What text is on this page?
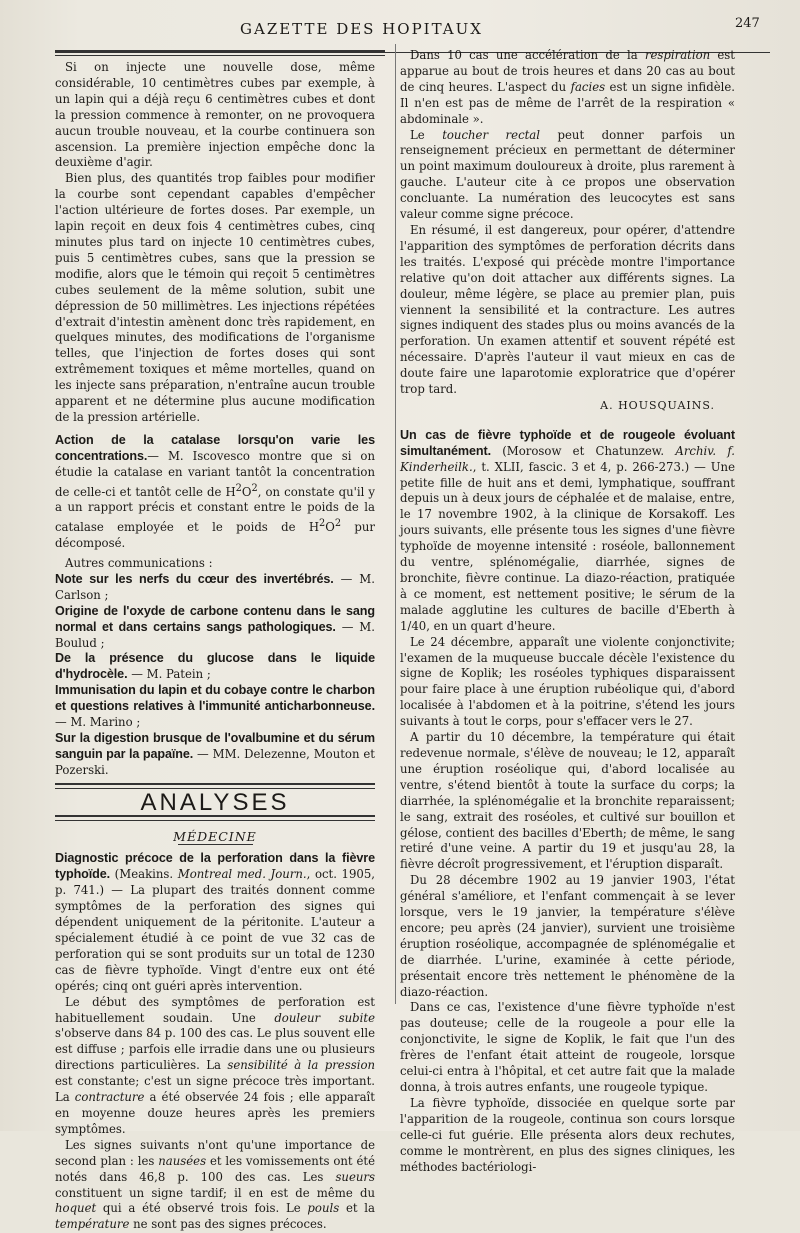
GAZETTE DES HOPITAUX	247

Si on injecte une nouvelle dose, même considérable, 10 centimètres cubes par exemple, à un lapin qui a déjà reçu 6 centimètres cubes et dont la pression commence à remonter, on ne provoquera aucun trouble nouveau, et la courbe continuera son ascension. La première injection empêche donc la deuxième d'agir.

Bien plus, des quantités trop faibles pour modifier la courbe sont cependant capables d'empêcher l'action ultérieure de fortes doses. Par exemple, un lapin reçoit en deux fois 4 centimètres cubes, cinq minutes plus tard on injecte 10 centimètres cubes, puis 5 centimètres cubes, sans que la pression se modifie, alors que le témoin qui reçoit 5 centimètres cubes seulement de la même solution, subit une dépression de 50 millimètres. Les injections répétées d'extrait d'intestin amènent donc très rapidement, en quelques minutes, des modifications de l'organisme telles, que l'injection de fortes doses qui sont extrêmement toxiques et même mortelles, quand on les injecte sans préparation, n'entraîne aucun trouble apparent et ne détermine plus aucune modification de la pression artérielle.

Action de la catalase lorsqu'on varie les concentrations.— M. Iscovesco montre que si on étudie la catalase en variant tantôt la concentration de celle-ci et tantôt celle de $H^2O^2$, on constate qu'il y a un rapport précis et constant entre le poids de la catalase employée et le poids de $H^2O^2$ pur décomposé.

Autres communications :

Note sur les nerfs du cœur des invertébrés. — M. Carlson ;

Origine de l'oxyde de carbone contenu dans le sang normal et dans certains sangs pathologiques. — M. Boulud ;

De la présence du glucose dans le liquide d'hydrocèle. — M. Patein ;

Immunisation du lapin et du cobaye contre le charbon et questions relatives à l'immunité anticharbonneuse. — M. Marino ;

Sur la digestion brusque de l'ovalbumine et du sérum sanguin par la papaïne. — MM. Delezenne, Mouton et Pozerski.

ANALYSES
MÉDECINE

Diagnostic précoce de la perforation dans la fièvre typhoïde. (Meakins. Montreal med. Journ., oct. 1905, p. 741.) — La plupart des traités donnent comme symptômes de la perforation des signes qui dépendent uniquement de la péritonite. L'auteur a spécialement étudié à ce point de vue 32 cas de perforation qui se sont produits sur un total de 1230 cas de fièvre typhoïde. Vingt d'entre eux ont été opérés; cinq ont guéri après intervention.

Le début des symptômes de perforation est habituellement soudain. Une douleur subite s'observe dans 84 p. 100 des cas. Le plus souvent elle est diffuse ; parfois elle irradie dans une ou plusieurs directions particulières. La sensibilité à la pression est constante; c'est un signe précoce très important. La contracture a été observée 24 fois ; elle apparaît en moyenne douze heures après les premiers symptômes.

Les signes suivants n'ont qu'une importance de second plan : les nausées et les vomissements ont été notés dans 46,8 p. 100 des cas. Les sueurs constituent un signe tardif; il en est de même du hoquet qui a été observé trois fois. Le pouls et la température ne sont pas des signes précoces.

Dans 10 cas une accélération de la respiration est apparue au bout de trois heures et dans 20 cas au bout de cinq heures. L'aspect du facies est un signe infidèle. Il n'en est pas de même de l'arrêt de la respiration « abdominale ».

Le toucher rectal peut donner parfois un renseignement précieux en permettant de déterminer un point maximum douloureux à droite, plus rarement à gauche. L'auteur cite à ce propos une observation concluante. La numération des leucocytes est sans valeur comme signe précoce.

En résumé, il est dangereux, pour opérer, d'attendre l'apparition des symptômes de perforation décrits dans les traités. L'exposé qui précède montre l'importance relative qu'on doit attacher aux différents signes. La douleur, même légère, se place au premier plan, puis viennent la sensibilité et la contracture. Les autres signes indiquent des stades plus ou moins avancés de la perforation. Un examen attentif et souvent répété est nécessaire. D'après l'auteur il vaut mieux en cas de doute faire une laparotomie exploratrice que d'opérer trop tard.

A. HOUSQUAINS.

Un cas de fièvre typhoïde et de rougeole évoluant simultanément. (Morosow et Chatunzew. Archiv. f. Kinderheilk., t. XLII, fascic. 3 et 4, p. 266-273.) — Une petite fille de huit ans et demi, lymphatique, souffrant depuis un à deux jours de céphalée et de malaise, entre, le 17 novembre 1902, à la clinique de Korsakoff. Les jours suivants, elle présente tous les signes d'une fièvre typhoïde de moyenne intensité : roséole, ballonnement du ventre, splénomégalie, diarrhée, signes de bronchite, fièvre continue. La diazo-réaction, pratiquée à ce moment, est nettement positive; le sérum de la malade agglutine les cultures de bacille d'Eberth à 1/40, en un quart d'heure.

Le 24 décembre, apparaît une violente conjonctivite; l'examen de la muqueuse buccale décèle l'existence du signe de Koplik; les roséoles typhiques disparaissent pour faire place à une éruption rubéolique qui, d'abord localisée à l'abdomen et à la poitrine, s'étend les jours suivants à tout le corps, pour s'effacer vers le 27.

A partir du 10 décembre, la température qui était redevenue normale, s'élève de nouveau; le 12, apparaît une éruption roséolique qui, d'abord localisée au ventre, s'étend bientôt à toute la surface du corps; la diarrhée, la splénomégalie et la bronchite reparaissent; le sang, extrait des roséoles, et cultivé sur bouillon et gélose, contient des bacilles d'Eberth; de même, le sang retiré d'une veine. A partir du 19 et jusqu'au 28, la fièvre décroît progressivement, et l'éruption disparaît.

Du 28 décembre 1902 au 19 janvier 1903, l'état général s'améliore, et l'enfant commençait à se lever lorsque, vers le 19 janvier, la température s'élève encore; peu après (24 janvier), survient une troisième éruption roséolique, accompagnée de splénomégalie et de diarrhée. L'urine, examinée à cette période, présentait encore très nettement le phénomène de la diazo-réaction.

Dans ce cas, l'existence d'une fièvre typhoïde n'est pas douteuse; celle de la rougeole a pour elle la conjonctivite, le signe de Koplik, le fait que l'un des frères de l'enfant était atteint de rougeole, lorsque celui-ci entra à l'hôpital, et cet autre fait que la malade donna, à trois autres enfants, une rougeole typique.

La fièvre typhoïde, dissociée en quelque sorte par l'apparition de la rougeole, continua son cours lorsque celle-ci fut guérie. Elle présenta alors deux rechutes, comme le montrèrent, en plus des signes cliniques, les méthodes bactériologi-
